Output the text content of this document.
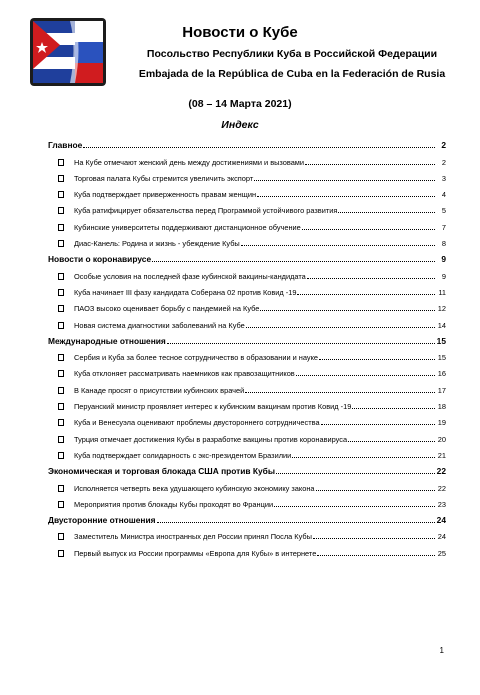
Новости о Кубе
Посольство Республики Куба в Российской Федерации
Embajada de la República de Cuba en la Federación de Rusia
(08 – 14 Марта 2021)
Индекс
Главное	2
На Кубе отмечают женский день между достижениями и вызовами	2
Торговая палата Кубы стремится увеличить экспорт	3
Куба подтверждает приверженность правам женщин	4
Куба ратифицирует обязательства перед Программой устойчивого развития	5
Кубинские университеты поддерживают дистанционное обучение	7
Диас-Канель: Родина и жизнь - убеждение Кубы	8
Новости о коронавирусе	9
Особые условия на последней фазе кубинской вакцины-кандидата	9
Куба начинает III фазу кандидата Соберана 02 против Ковид -19	11
ПАОЗ высоко оценивает борьбу с пандемией на Кубе	12
Новая система диагностики заболеваний на Кубе	14
Международные отношения	15
Сербия и Куба за более тесное сотрудничество в образовании и науке	15
Куба отклоняет рассматривать наемников как правозащитников	16
В Канаде просят о присутствии кубинских врачей	17
Перуанский министр проявляет интерес к кубинским вакцинам против Ковид -19	18
Куба и Венесуэла оценивают проблемы двустороннего сотрудничества	19
Турция отмечает достижения Кубы в разработке вакцины против коронавируса	20
Куба подтверждает солидарность с экс-президентом Бразилии	21
Экономическая и торговая блокада США против Кубы	22
Исполняется четверть века удушающего кубинскую экономику закона	22
Мероприятия против блокады Кубы проходят во Франции	23
Двусторонние отношения	24
Заместитель Министра иностранных дел России принял Посла Кубы	24
Первый выпуск из России программы «Европа для Кубы» в интернете	25
1
